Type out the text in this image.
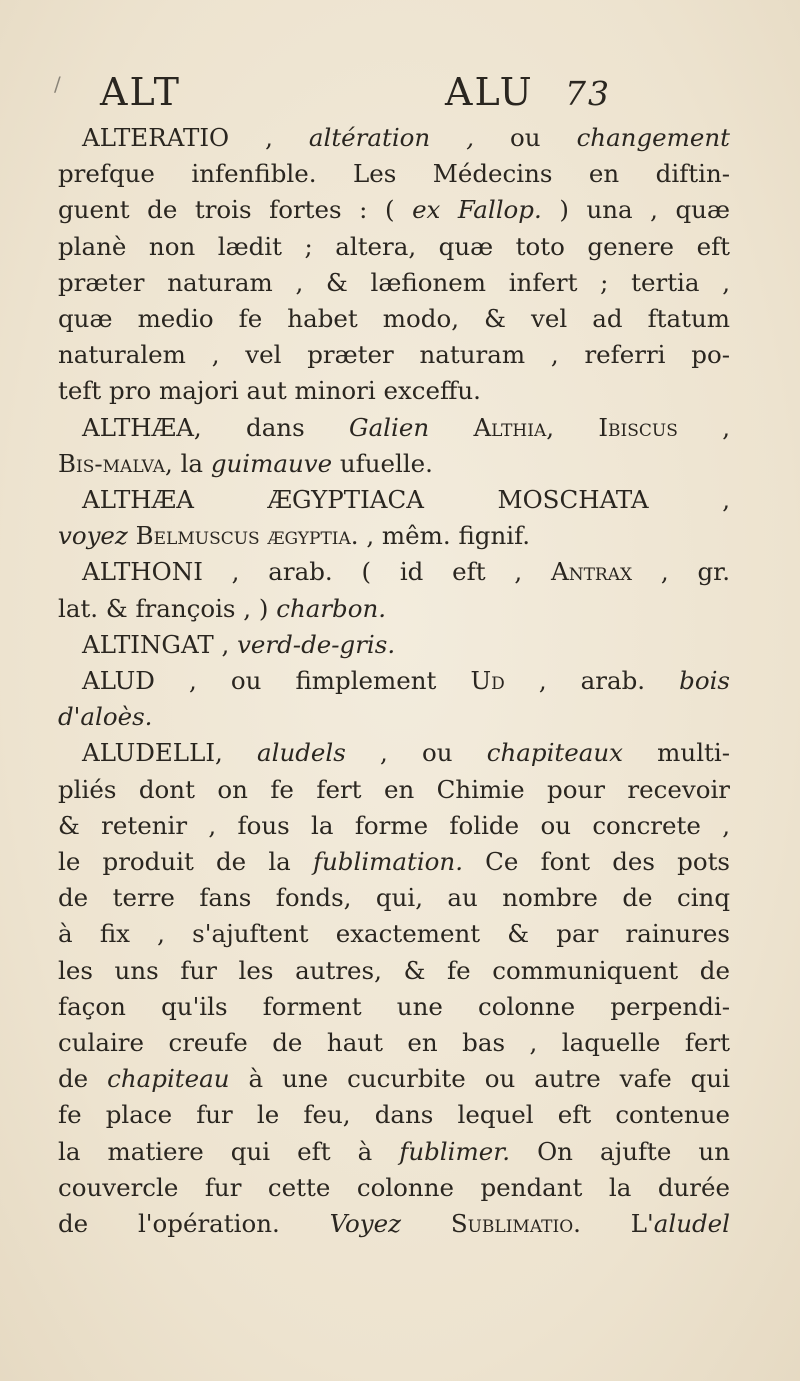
/ ALT	ALU 73

ALTERATIO , altération , ou changement
prefque infenfible. Les Médecins en diftin-
guent de trois fortes : ( ex Fallop. ) una , quæ
planè non lædit ; altera, quæ toto genere eft
præter naturam , & læfionem infert ; tertia ,
quæ medio fe habet modo, & vel ad ftatum
naturalem , vel præter naturam , referri po-
teft pro majori aut minori exceffu.

ALTHÆA, dans Galien Althia, Ibiscus ,
Bis-malva, la guimauve ufuelle.

ALTHÆA ÆGYPTIACA MOSCHATA ,
voyez Belmuscus ægyptia. , mêm. fignif.

ALTHONI , arab. ( id eft , Antrax , gr.
lat. & françois , ) charbon.

ALTINGAT , verd-de-gris.

ALUD , ou fimplement Ud , arab. bois
d'aloès.

ALUDELLI, aludels , ou chapiteaux multi-
pliés dont on fe fert en Chimie pour recevoir
& retenir , fous la forme folide ou concrete ,
le produit de la fublimation. Ce font des pots
de terre fans fonds, qui, au nombre de cinq
à fix , s'ajuftent exactement & par rainures
les uns fur les autres, & fe communiquent de
façon qu'ils forment une colonne perpendi-
culaire creufe de haut en bas , laquelle fert
de chapiteau à une cucurbite ou autre vafe qui
fe place fur le feu, dans lequel eft contenue
la matiere qui eft à fublimer. On ajufte un
couvercle fur cette colonne pendant la durée
de l'opération. Voyez Sublimatio. L'aludel
